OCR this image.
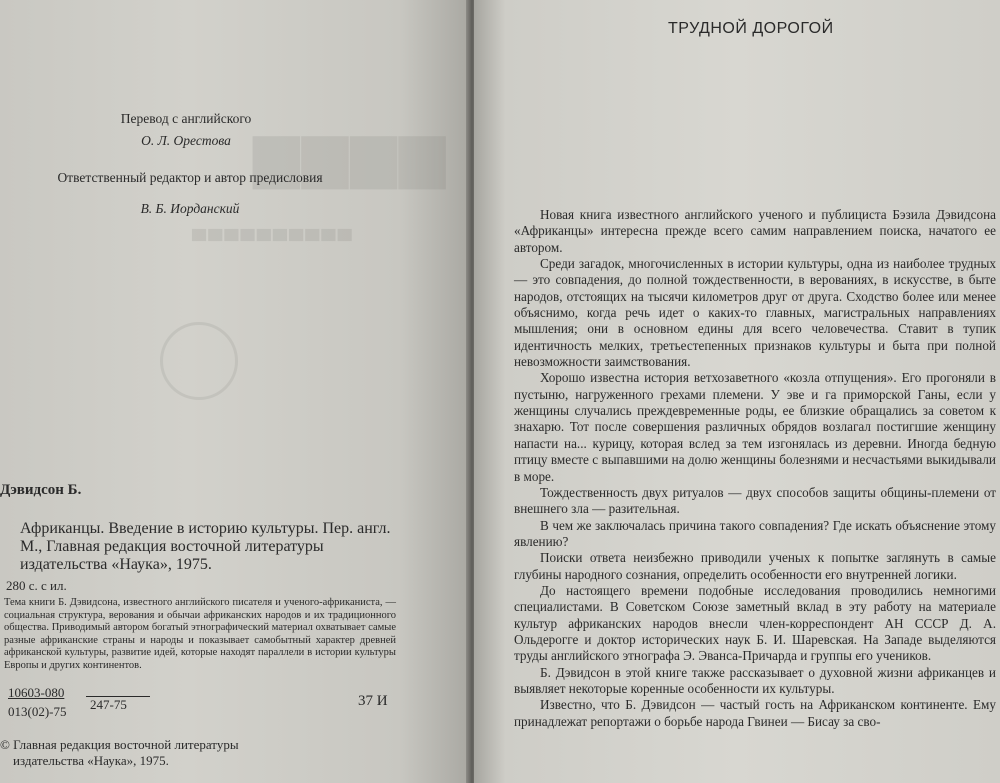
▆▆▆▆
▄▄▄▄▄▄▄▄▄▄
Перевод с английского
О. Л. Орестова
Ответственный редактор и автор предисловия
В. Б. Иорданский
Дэвидсон Б.
Африканцы. Введение в историю культуры. Пер. англ. М., Главная редакция восточной литературы издательства «Наука», 1975.
280 с. с ил.
Тема книги Б. Дэвидсона, известного английского писателя и ученого-африканиста, — социальная структура, верования и обычаи африканских народов и их традиционного общества. Приводимый автором богатый этнографический материал охватывает самые разные африканские страны и народы и показывает самобытный характер древней африканской культуры, развитие идей, которые находят параллели в истории культуры Европы и других континентов.
10603-080
013(02)-75	247-75	37 И
© Главная редакция восточной литературы
издательства «Наука», 1975.
ТРУДНОЙ ДОРОГОЙ

Новая книга известного английского ученого и публициста Бэзила Дэвидсона «Африканцы» интересна прежде всего самим направлением поиска, начатого ее автором.

Среди загадок, многочисленных в истории культуры, одна из наиболее трудных — это совпадения, до полной тождественности, в верованиях, в искусстве, в быте народов, отстоящих на тысячи километров друг от друга. Сходство более или менее объяснимо, когда речь идет о каких-то главных, магистральных направлениях мышления; они в основном едины для всего человечества. Ставит в тупик идентичность мелких, третьестепенных признаков культуры и быта при полной невозможности заимствования.

Хорошо известна история ветхозаветного «козла отпущения». Его прогоняли в пустыню, нагруженного грехами племени. У эве и га приморской Ганы, если у женщины случались преждевременные роды, ее близкие обращались за советом к знахарю. Тот после совершения различных обрядов возлагал постигшие женщину напасти на... курицу, которая вслед за тем изгонялась из деревни. Иногда бедную птицу вместе с выпавшими на долю женщины болезнями и несчастьями выкидывали в море.

Тождественность двух ритуалов — двух способов защиты общины-племени от внешнего зла — разительная.

В чем же заключалась причина такого совпадения? Где искать объяснение этому явлению?

Поиски ответа неизбежно приводили ученых к попытке заглянуть в самые глубины народного сознания, определить особенности его внутренней логики.

До настоящего времени подобные исследования проводились немногими специалистами. В Советском Союзе заметный вклад в эту работу на материале культур африканских народов внесли член-корреспондент АН СССР Д. А. Ольдерогге и доктор исторических наук Б. И. Шаревская. На Западе выделяются труды английского этнографа Э. Эванса-Причарда и группы его учеников.

Б. Дэвидсон в этой книге также рассказывает о духовной жизни африканцев и выявляет некоторые коренные особенности их культуры.

Известно, что Б. Дэвидсон — частый гость на Африканском континенте. Ему принадлежат репортажи о борьбе народа Гвинеи — Бисау за сво-
